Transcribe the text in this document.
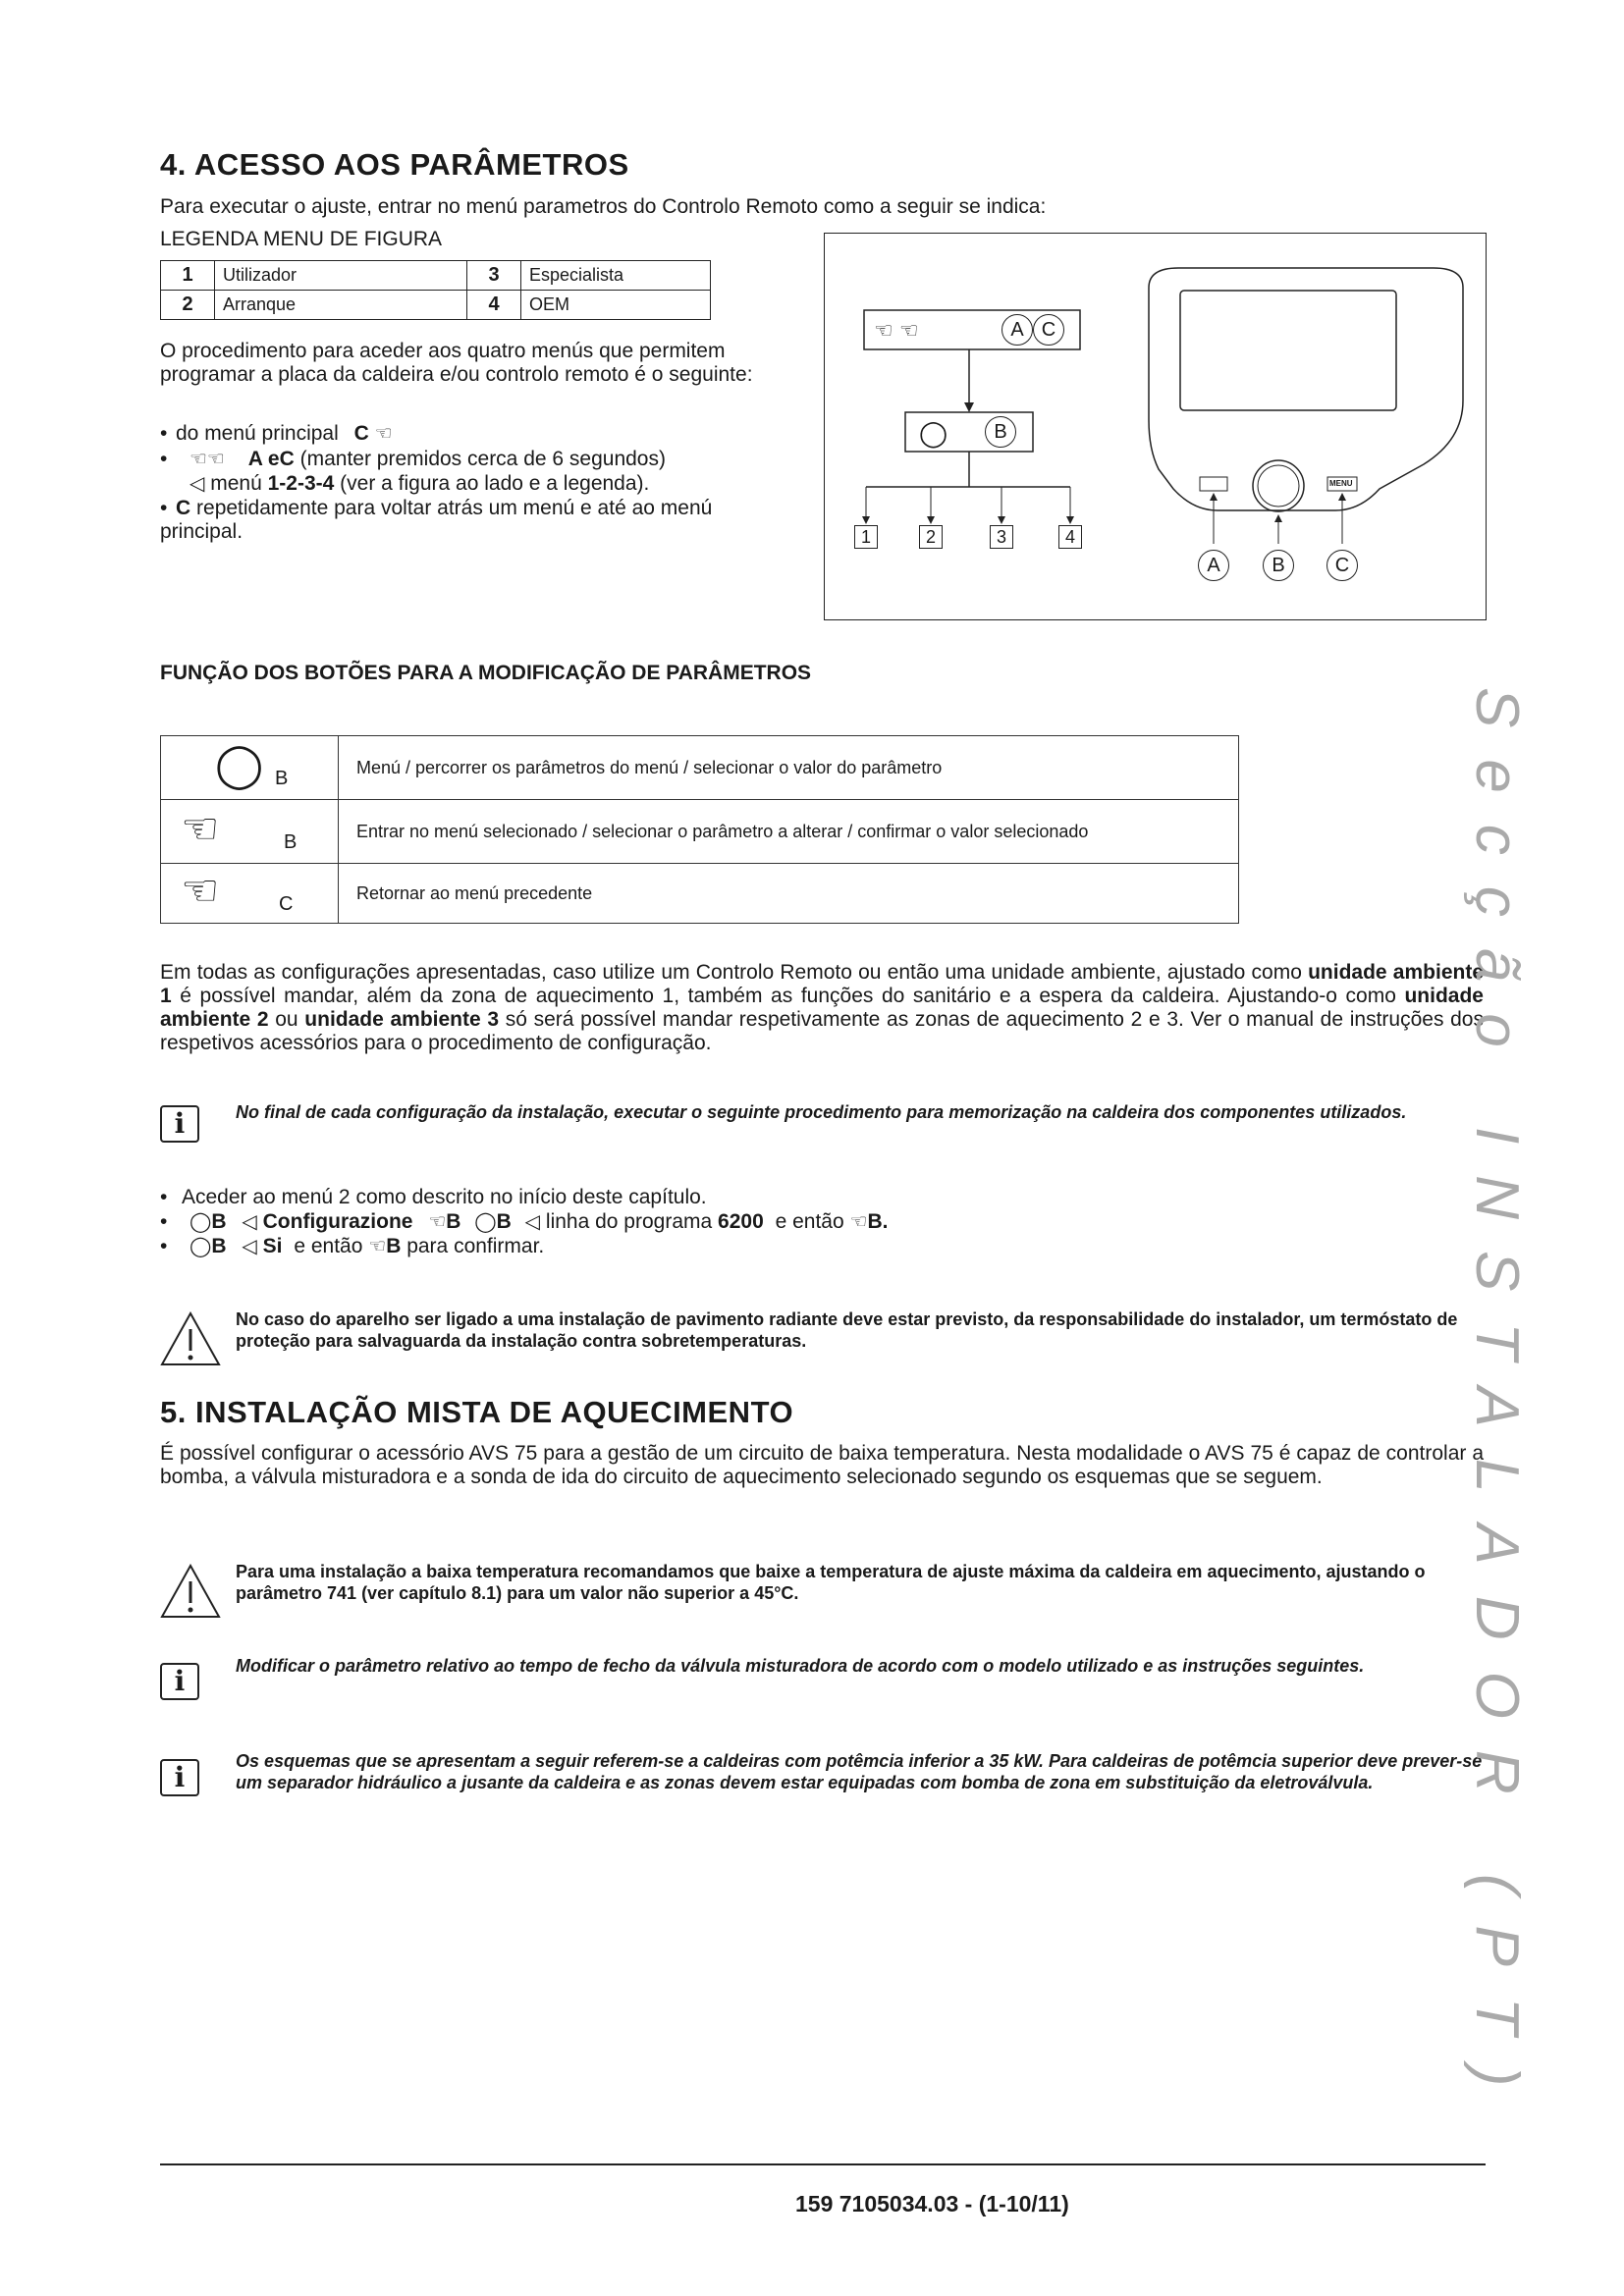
4. ACESSO AOS PARÂMETROS

Para executar o ajuste, entrar no menú parametros do Controlo Remoto como a seguir se indica:

LEGENDA MENU DE FIGURA

1	Utilizador	3	Especialista
2	Arranque	4	OEM

O procedimento para aceder aos quatro menús que permitem programar a placa da caldeira e/ou controlo remoto é o seguinte:

• do menú principal C ☜
• ☜☜ A eC (manter premidos cerca de 6 segundos)
◁ menú 1-2-3-4 (ver a figura ao lado e a legenda).
• C repetidamente para voltar atrás um menú e até ao menú principal.
☜ ☜	A C
◯	B
1	2	3	4
MENU
A	B	C

FUNÇÃO DOS BOTÕES PARA A MODIFICAÇÃO DE PARÂMETROS

◯ B	Menú / percorrer os parâmetros do menú / selecionar o valor do parâmetro

☜ B	Entrar no menú selecionado / selecionar o parâmetro a alterar / confirmar o valor selecionado

☜ C	Retornar ao menú precedente

Em todas as configurações apresentadas, caso utilize um Controlo Remoto ou então uma unidade ambiente, ajustado como unidade ambiente 1 é possível mandar, além da zona de aquecimento 1, também as funções do sanitário e a espera da caldeira. Ajustando-o como unidade ambiente 2 ou unidade ambiente 3 só será possível mandar respetivamente as zonas de aquecimento 2 e 3. Ver o manual de instruções dos respetivos acessórios para o procedimento de configuração.

i	No final de cada configuração da instalação, executar o seguinte procedimento para memorização na caldeira dos componentes utilizados.

• Aceder ao menú 2 como descrito no início deste capítulo.
• ◯B ◁ Configurazione ☜B ◯B ◁ linha do programa 6200 e então ☜B.
• ◯B ◁ Si e então ☜B para confirmar.

No caso do aparelho ser ligado a uma instalação de pavimento radiante deve estar previsto, da responsabilidade do instalador, um termóstato de proteção para salvaguarda da instalação contra sobretemperaturas.

5. INSTALAÇÃO MISTA DE AQUECIMENTO

É possível configurar o acessório AVS 75 para a gestão de um circuito de baixa temperatura. Nesta modalidade o AVS 75 é capaz de controlar a bomba, a válvula misturadora e a sonda de ida do circuito de aquecimento selecionado segundo os esquemas que se seguem.

Para uma instalação a baixa temperatura recomandamos que baixe a temperatura de ajuste máxima da caldeira em aquecimento, ajustando o parâmetro 741 (ver capítulo 8.1) para um valor não superior a 45°C.

i	Modificar o parâmetro relativo ao tempo de fecho da válvula misturadora de acordo com o modelo utilizado e as instruções seguintes.

i	Os esquemas que se apresentam a seguir referem-se a caldeiras com potêmcia inferior a 35 kW. Para caldeiras de potêmcia superior deve prever-se um separador hidráulico a jusante da caldeira e as zonas devem estar equipadas com bomba de zona em substituição da eletroválvula.	Secção INSTALADOR (PT)
159 7105034.03 - (1-10/11)
